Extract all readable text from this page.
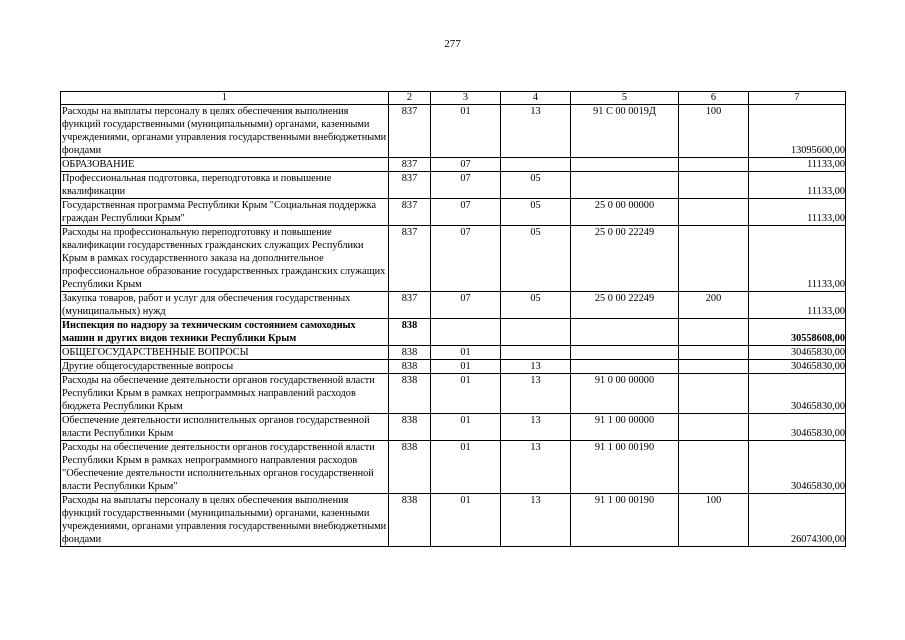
277
1	2	3	4	5	6	7
Расходы на выплаты персоналу в целях обеспечения выполнения функций государственными (муниципальными) органами, казенными учреждениями, органами управления государственными внебюджетными фондами	837	01	13	91 С 00 0019Д	100	13095600,00
ОБРАЗОВАНИЕ	837	07				11133,00
Профессиональная подготовка, переподготовка и повышение квалификации	837	07	05			11133,00
Государственная программа Республики Крым "Социальная поддержка граждан Республики Крым"	837	07	05	25 0 00 00000		11133,00
Расходы на профессиональную переподготовку и повышение квалификации государственных гражданских служащих Республики Крым в рамках государственного заказа на дополнительное профессиональное образование государственных гражданских служащих Республики Крым	837	07	05	25 0 00 22249		11133,00
Закупка товаров, работ и услуг для обеспечения государственных (муниципальных) нужд	837	07	05	25 0 00 22249	200	11133,00
Инспекция по надзору за техническим состоянием самоходных машин и других видов техники Республики Крым	838					30558608,00
ОБЩЕГОСУДАРСТВЕННЫЕ ВОПРОСЫ	838	01				30465830,00
Другие общегосударственные вопросы	838	01	13			30465830,00
Расходы на обеспечение деятельности органов государственной власти Республики Крым в рамках непрограммных направлений расходов бюджета Республики Крым	838	01	13	91 0 00 00000		30465830,00
Обеспечение деятельности исполнительных органов государственной власти Республики Крым	838	01	13	91 1 00 00000		30465830,00
Расходы на обеспечение деятельности органов государственной власти Республики Крым в рамках непрограммного направления расходов "Обеспечение деятельности исполнительных органов государственной власти Республики Крым"	838	01	13	91 1 00 00190		30465830,00
Расходы на выплаты персоналу в целях обеспечения выполнения функций государственными (муниципальными) органами, казенными учреждениями, органами управления государственными внебюджетными фондами	838	01	13	91 1 00 00190	100	26074300,00
